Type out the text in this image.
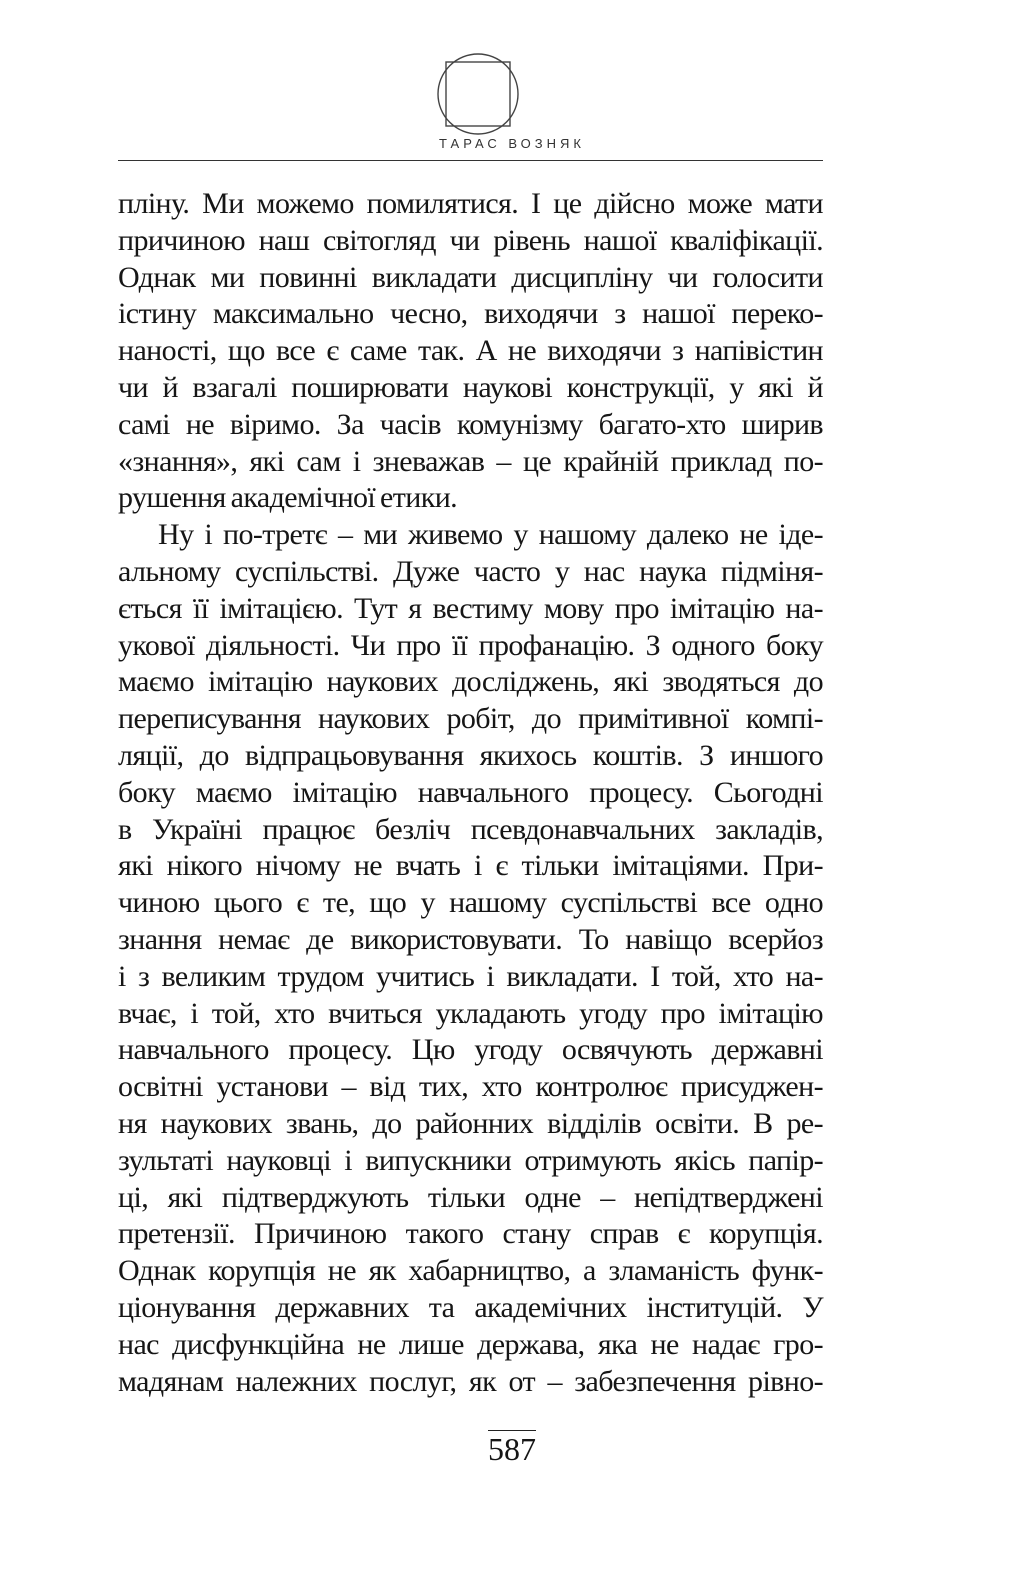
ТАРАС ВОЗНЯК
пліну. Ми можемо помилятися. І це дійсно може мати
причиною наш світогляд чи рівень нашої кваліфікації.
Однак ми повинні викладати дисципліну чи голосити
істину максимально чесно, виходячи з нашої переко-
наності, що все є саме так. А не виходячи з напівістин
чи й взагалі поширювати наукові конструкції, у які й
самі не віримо. За часів комунізму багато-хто ширив
«знання», які сам і зневажав – це крайній приклад по-
рушення академічної етики.
Ну і по-третє – ми живемо у нашому далеко не іде-
альному суспільстві. Дуже часто у нас наука підміня-
ється її імітацією. Тут я вестиму мову про імітацію на-
укової діяльності. Чи про її профанацію. З одного боку
маємо імітацію наукових досліджень, які зводяться до
переписування наукових робіт, до примітивної компі-
ляції, до відпрацьовування якихось коштів. З иншого
боку маємо імітацію навчального процесу. Сьогодні
в Україні працює безліч псевдонавчальних закладів,
які нікого нічому не вчать і є тільки імітаціями. При-
чиною цього є те, що у нашому суспільстві все одно
знання немає де використовувати. То навіщо всерйоз
і з великим трудом учитись і викладати. І той, хто на-
вчає, і той, хто вчиться укладають угоду про імітацію
навчального процесу. Цю угоду освячують державні
освітні установи – від тих, хто контролює присуджен-
ня наукових звань, до районних відділів освіти. В ре-
зультаті науковці і випускники отримують якісь папір-
ці, які підтверджують тільки одне – непідтверджені
претензії. Причиною такого стану справ є корупція.
Однак корупція не як хабарництво, а зламаність функ-
ціонування державних та академічних інституцій. У
нас дисфункційна не лише держава, яка не надає гро-
мадянам належних послуг, як от – забезпечення рівно-
587
